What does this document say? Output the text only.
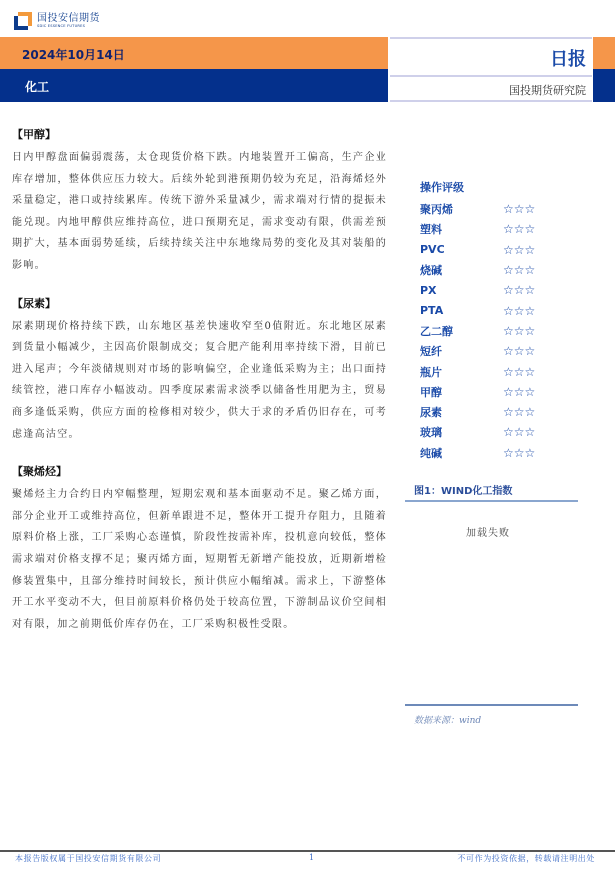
国投安信期货
SDIC ESSENCE FUTURES
2024年10月14日
化工
日报
国投期货研究院
【甲醇】
日内甲醇盘面偏弱震荡，太仓现货价格下跌。内地装置开工偏高，生产企业库存增加，整体供应压力较大。后续外轮到港预期仍较为充足，沿海烯烃外采量稳定，港口或持续累库。传统下游外采量减少，需求端对行情的提振未能兑现。内地甲醇供应维持高位，进口预期充足，需求变动有限，供需差预期扩大，基本面弱势延续，后续持续关注中东地缘局势的变化及其对装船的影响。
【尿素】
尿素期现价格持续下跌，山东地区基差快速收窄至0值附近。东北地区尿素到货量小幅减少，主因高价限制成交；复合肥产能利用率持续下滑，目前已进入尾声；今年淡储规则对市场的影响偏空，企业逢低采购为主；出口面持续管控，港口库存小幅波动。四季度尿素需求淡季以储备性用肥为主，贸易商多逢低采购，供应方面的检修相对较少，供大于求的矛盾仍旧存在，可考虑逢高沽空。
【聚烯烃】
聚烯烃主力合约日内窄幅整理，短期宏观和基本面驱动不足。聚乙烯方面，部分企业开工或维持高位，但新单跟进不足，整体开工提升存阻力，且随着原料价格上涨，工厂采购心态谨慎，阶段性按需补库，投机意向较低，整体需求端对价格支撑不足；聚丙烯方面，短期暂无新增产能投放，近期新增检修装置集中，且部分维持时间较长，预计供应小幅缩减。需求上，下游整体开工水平变动不大，但目前原料价格仍处于较高位置，下游制品议价空间相对有限，加之前期低价库存仍在，工厂采购积极性受限。
操作评级
聚丙烯	☆☆☆
塑料	☆☆☆
PVC	☆☆☆
烧碱	☆☆☆
PX	☆☆☆
PTA	☆☆☆
乙二醇	☆☆☆
短纤	☆☆☆
瓶片	☆☆☆
甲醇	☆☆☆
尿素	☆☆☆
玻璃	☆☆☆
纯碱	☆☆☆
图1：WIND化工指数
加载失败
数据来源：wind
本报告版权属于国投安信期货有限公司	1	不可作为投资依据，转载请注明出处
